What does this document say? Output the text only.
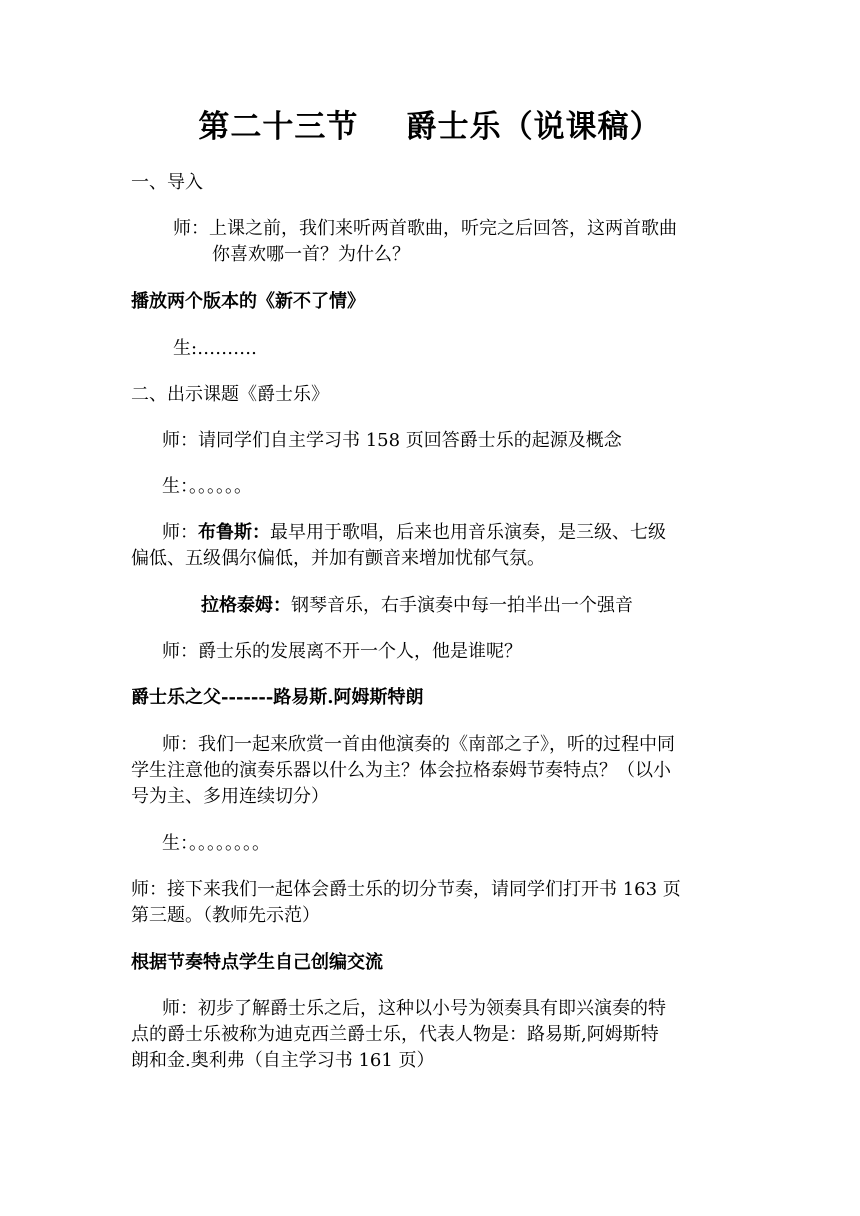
第二十三节    爵士乐（说课稿）
一、导入
师：上课之前，我们来听两首歌曲，听完之后回答，这两首歌曲
你喜欢哪一首？为什么？
播放两个版本的《新不了情》
生:……….
二、出示课题《爵士乐》
师：请同学们自主学习书 158 页回答爵士乐的起源及概念
生：。。。。。。
师：布鲁斯：最早用于歌唱，后来也用音乐演奏，是三级、七级
偏低、五级偶尔偏低，并加有颤音来增加忧郁气氛。
拉格泰姆：钢琴音乐，右手演奏中每一拍半出一个强音
师：爵士乐的发展离不开一个人，他是谁呢？
爵士乐之父-------路易斯.阿姆斯特朗
师：我们一起来欣赏一首由他演奏的《南部之子》，听的过程中同
学生注意他的演奏乐器以什么为主？体会拉格泰姆节奏特点？（以小
号为主、多用连续切分）
生：。。。。。。。。
师：接下来我们一起体会爵士乐的切分节奏，请同学们打开书 163 页
第三题。（教师先示范）
根据节奏特点学生自己创编交流
师：初步了解爵士乐之后，这种以小号为领奏具有即兴演奏的特
点的爵士乐被称为迪克西兰爵士乐，代表人物是：路易斯,阿姆斯特
朗和金.奥利弗（自主学习书 161 页）
